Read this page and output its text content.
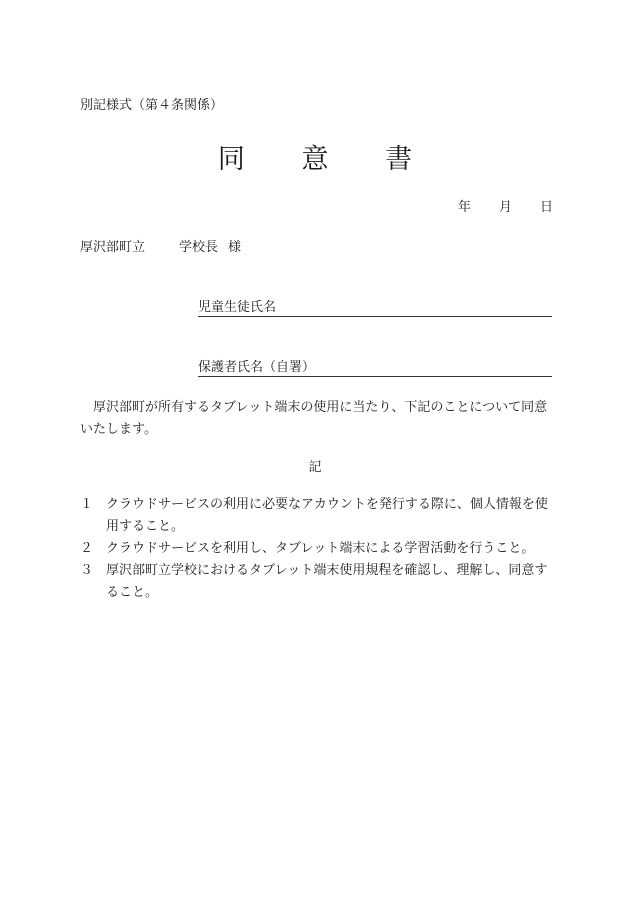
別記様式（第４条関係）
同 意 書
年 月 日
厚沢部町立	学校長 様
児童生徒氏名
保護者氏名（自署）
厚沢部町が所有するタブレット端末の使用に当たり、下記のことについて同意いたします。
記
１ クラウドサービスの利用に必要なアカウントを発行する際に、個人情報を使用すること。
２ クラウドサービスを利用し、タブレット端末による学習活動を行うこと。
３ 厚沢部町立学校におけるタブレット端末使用規程を確認し、理解し、同意すること。
